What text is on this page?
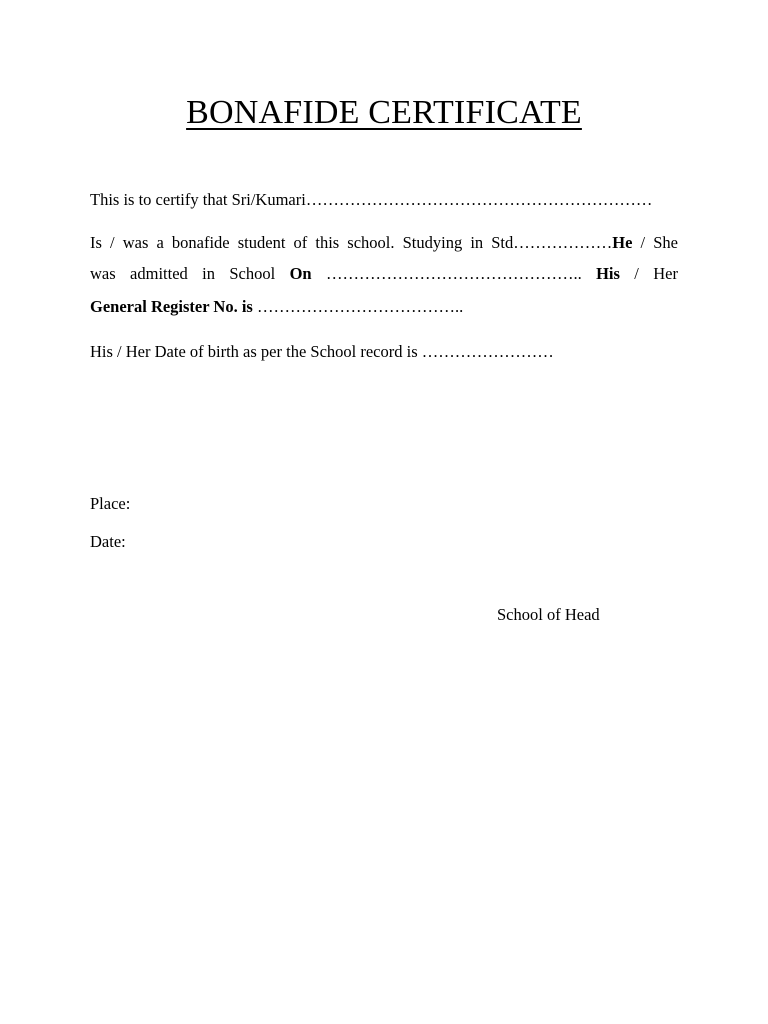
BONAFIDE CERTIFICATE
This is to certify that Sri/Kumari………………………………………………………
Is / was a bonafide student of this school. Studying in Std………………He / She
was admitted in School On ……………………………………….. His / Her
General Register No. is ………………………………..
His / Her Date of birth as per the School record is ……………………
Place:
Date:
School of Head
